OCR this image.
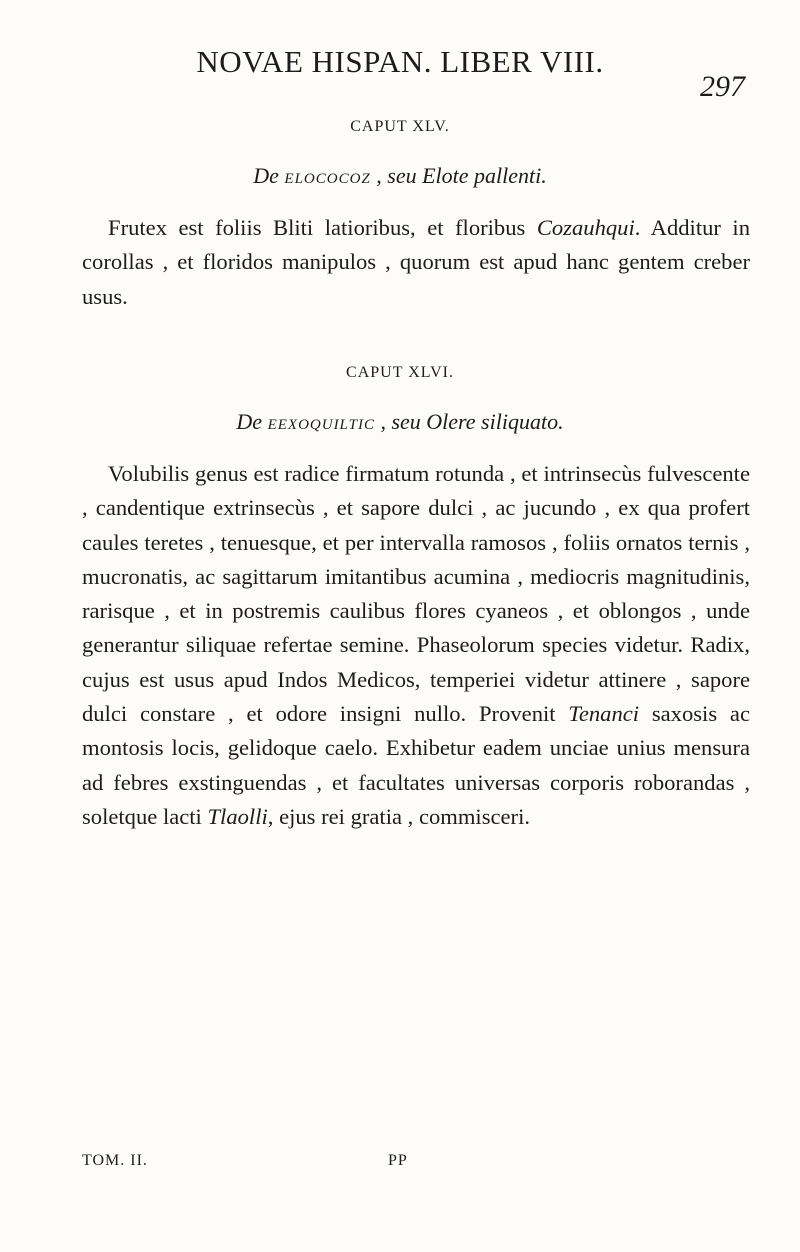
NOVAE HISPAN. LIBER VIII.
297
CAPUT XLV.
De elococoz , seu Elote pallenti.
Frutex est foliis Bliti latioribus, et floribus Cozauhqui. Additur in corollas , et floridos manipulos , quorum est apud hanc gentem creber usus.
CAPUT XLVI.
De eexoquiltic , seu Olere siliquato.
Volubilis genus est radice firmatum rotunda , et intrinsecùs fulvescente , candentique extrinsecùs , et sapore dulci , ac jucundo , ex qua profert caules teretes , tenuesque, et per intervalla ramosos , foliis ornatos ternis , mucronatis, ac sagittarum imitantibus acumina , mediocris magnitudinis, rarisque , et in postremis caulibus flores cyaneos , et oblongos , unde generantur siliquae refertae semine. Phaseolorum species videtur. Radix, cujus est usus apud Indos Medicos, temperiei videtur attinere , sapore dulci constare , et odore insigni nullo. Provenit Tenanci saxosis ac montosis locis, gelidoque caelo. Exhibetur eadem unciae unius mensura ad febres exstinguendas , et facultates universas corporis roborandas , soletque lacti Tlaolli, ejus rei gratia , commisceri.
TOM. II.	PP
